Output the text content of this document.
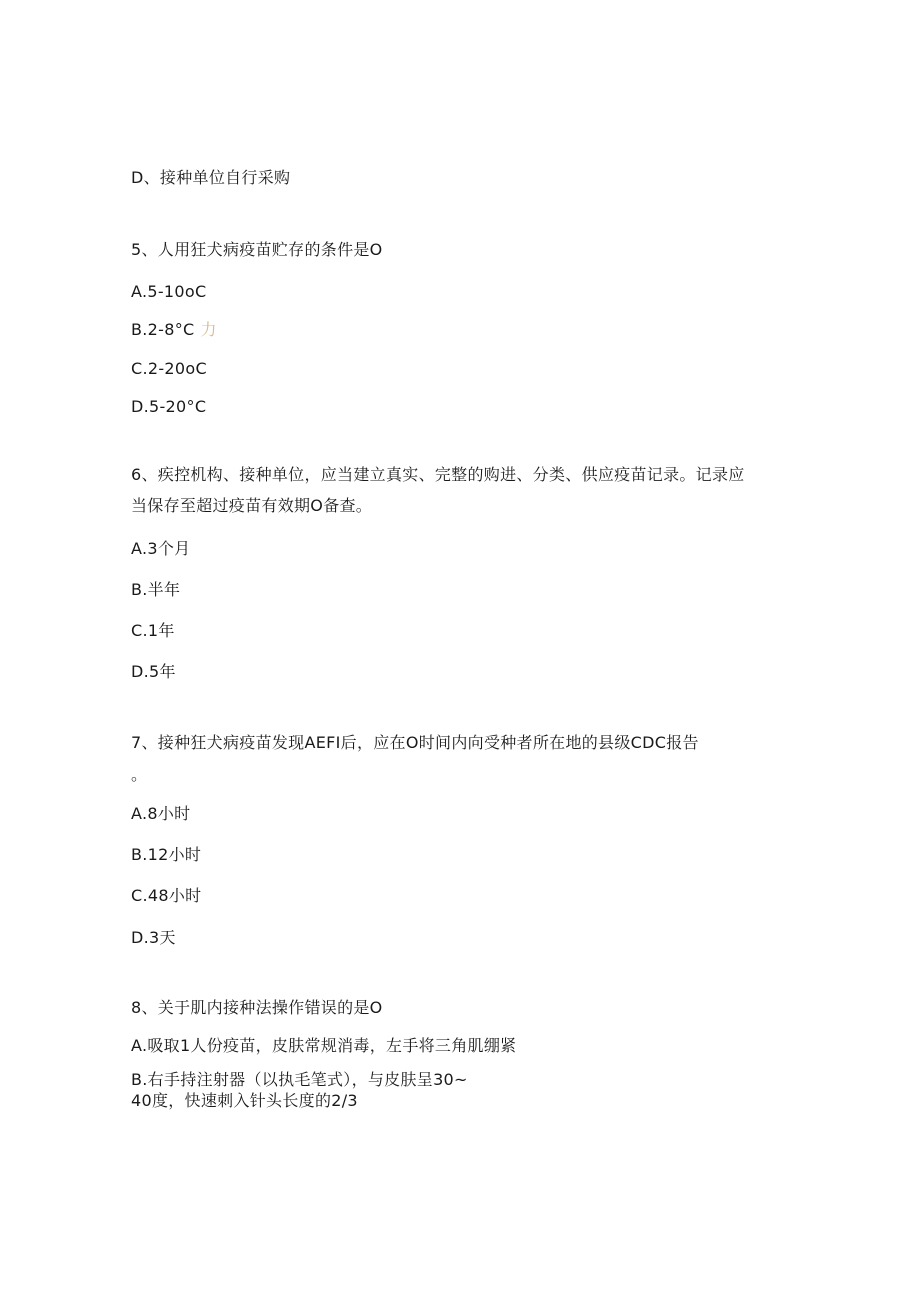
D、接种单位自行采购
5、人用狂犬病疫苗贮存的条件是O
A.5-10oC
B.2-8°C 力
C.2-20oC
D.5-20°C
6、疾控机构、接种单位，应当建立真实、完整的购进、分类、供应疫苗记录。记录应
当保存至超过疫苗有效期O备查。
A.3个月
B.半年
C.1年
D.5年
7、接种狂犬病疫苗发现AEFI后，应在O时间内向受种者所在地的县级CDC报告
。
A.8小时
B.12小时
C.48小时
D.3天
8、关于肌内接种法操作错误的是O
A.吸取1人份疫苗，皮肤常规消毒，左手将三角肌绷紧
B.右手持注射器（以执毛笔式），与皮肤呈30~
40度，快速刺入针头长度的2/3
